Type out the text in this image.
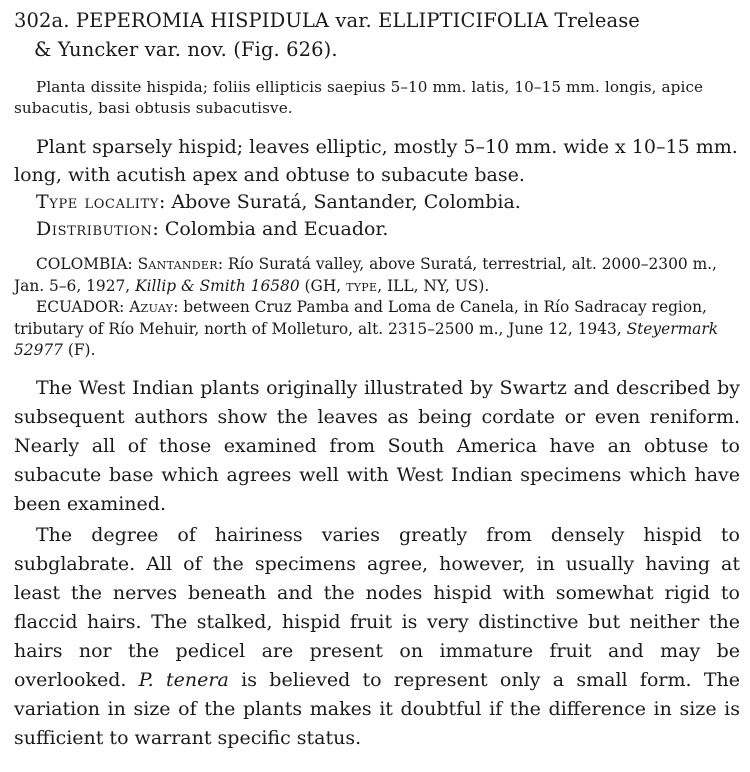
302a. PEPEROMIA HISPIDULA var. ELLIPTICIFOLIA Trelease
& Yuncker var. nov. (Fig. 626).

Planta dissite hispida; foliis ellipticis saepius 5–10 mm. latis, 10–15 mm. longis, apice subacutis, basi obtusis subacutisve.

Plant sparsely hispid; leaves elliptic, mostly 5–10 mm. wide x 10–15 mm. long, with acutish apex and obtuse to subacute base.

Type locality: Above Suratá, Santander, Colombia.

Distribution: Colombia and Ecuador.

COLOMBIA: Santander: Río Suratá valley, above Suratá, terrestrial, alt. 2000–2300 m., Jan. 5–6, 1927, Killip & Smith 16580 (GH, type, ILL, NY, US).

ECUADOR: Azuay: between Cruz Pamba and Loma de Canela, in Río Sadracay region, tributary of Río Mehuir, north of Molleturo, alt. 2315–2500 m., June 12, 1943, Steyermark 52977 (F).

The West Indian plants originally illustrated by Swartz and described by subsequent authors show the leaves as being cordate or even reniform. Nearly all of those examined from South America have an obtuse to subacute base which agrees well with West Indian specimens which have been examined.

The degree of hairiness varies greatly from densely hispid to subglabrate. All of the specimens agree, however, in usually having at least the nerves beneath and the nodes hispid with somewhat rigid to flaccid hairs. The stalked, hispid fruit is very distinctive but neither the hairs nor the pedicel are present on immature fruit and may be overlooked. P. tenera is believed to represent only a small form. The variation in size of the plants makes it doubtful if the difference in size is sufficient to warrant specific status.
